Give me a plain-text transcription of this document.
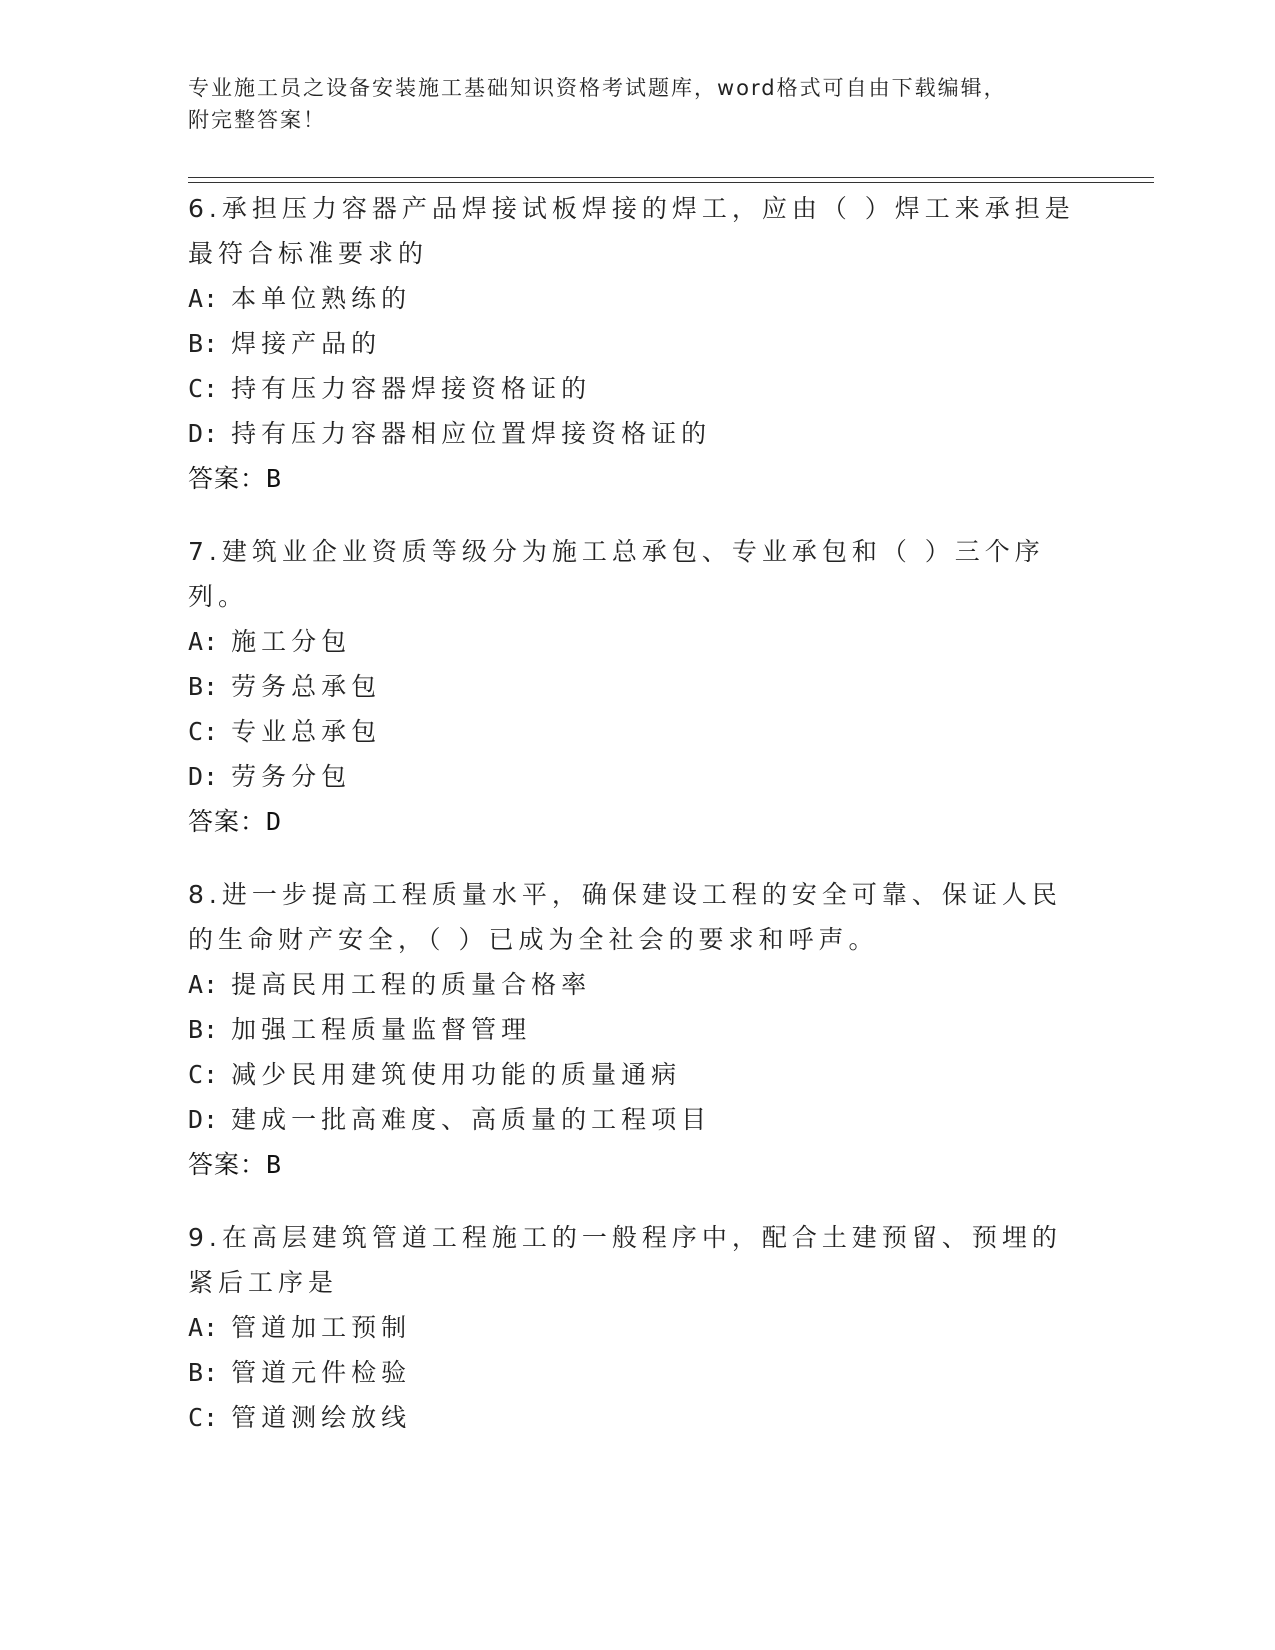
专业施工员之设备安装施工基础知识资格考试题库，word格式可自由下载编辑，
附完整答案！
6.承担压力容器产品焊接试板焊接的焊工，应由（ ）焊工来承担是最符合标准要求的
A: 本单位熟练的
B: 焊接产品的
C: 持有压力容器焊接资格证的
D: 持有压力容器相应位置焊接资格证的
答案：B
7.建筑业企业资质等级分为施工总承包、专业承包和（ ）三个序列。
A: 施工分包
B: 劳务总承包
C: 专业总承包
D: 劳务分包
答案：D
8.进一步提高工程质量水平，确保建设工程的安全可靠、保证人民的生命财产安全，（ ）已成为全社会的要求和呼声。
A: 提高民用工程的质量合格率
B: 加强工程质量监督管理
C: 减少民用建筑使用功能的质量通病
D: 建成一批高难度、高质量的工程项目
答案：B
9.在高层建筑管道工程施工的一般程序中，配合土建预留、预埋的紧后工序是
A: 管道加工预制
B: 管道元件检验
C: 管道测绘放线
